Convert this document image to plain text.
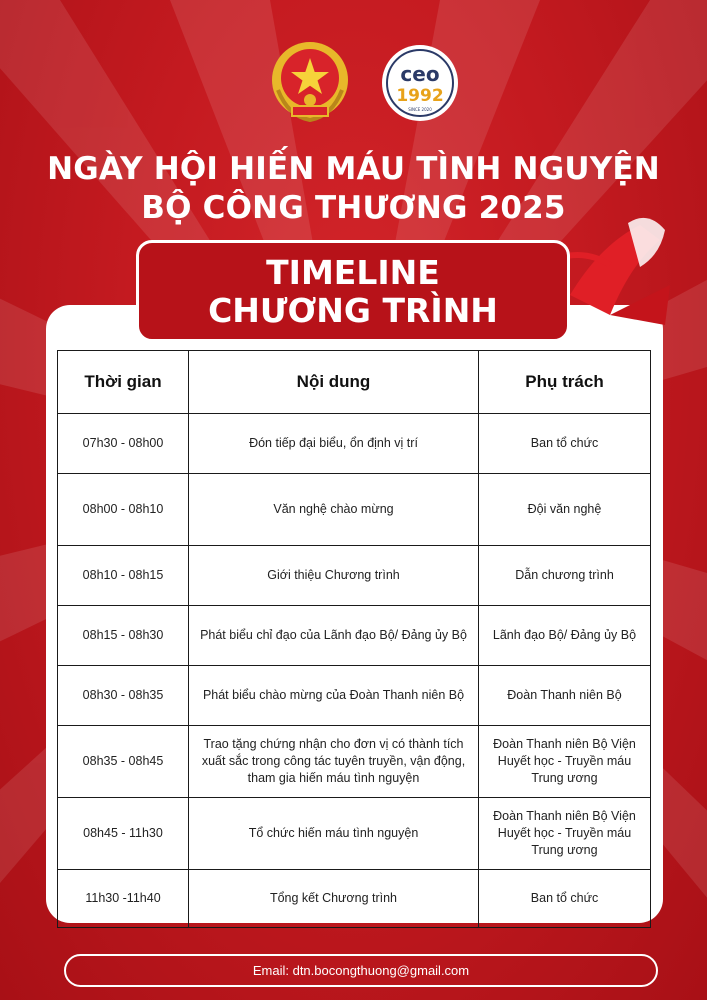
ceo
1992
SINCE 2020
NGÀY HỘI HIẾN MÁU TÌNH NGUYỆN
BỘ CÔNG THƯƠNG 2025
TIMELINE
CHƯƠNG TRÌNH
Thời gian	Nội dung	Phụ trách
07h30 - 08h00	Đón tiếp đại biểu, ổn định vị trí	Ban tổ chức
08h00 - 08h10	Văn nghệ chào mừng	Đội văn nghệ
08h10 - 08h15	Giới thiệu Chương trình	Dẫn chương trình
08h15 - 08h30	Phát biểu chỉ đạo của Lãnh đạo Bộ/ Đảng ủy Bộ	Lãnh đạo Bộ/ Đảng ủy Bộ
08h30 - 08h35	Phát biểu chào mừng của Đoàn Thanh niên Bộ	Đoàn Thanh niên Bộ
08h35 - 08h45	Trao tặng chứng nhận cho đơn vị có thành tích xuất sắc trong công tác tuyên truyền, vận động, tham gia hiến máu tình nguyện	Đoàn Thanh niên Bộ Viện Huyết học - Truyền máu Trung ương
08h45 - 11h30	Tổ chức hiến máu tình nguyện	Đoàn Thanh niên Bộ Viện Huyết học - Truyền máu Trung ương
11h30 -11h40	Tổng kết Chương trình	Ban tổ chức
Email: dtn.bocongthuong@gmail.com
